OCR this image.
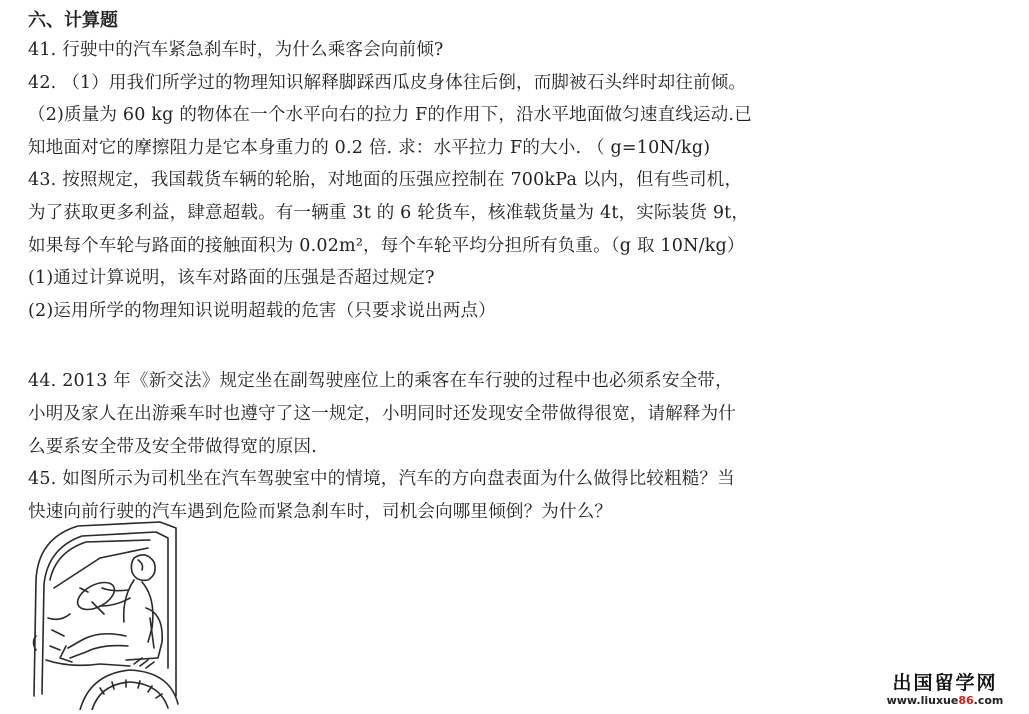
六、计算题
41. 行驶中的汽车紧急刹车时，为什么乘客会向前倾?
42. （1）用我们所学过的物理知识解释脚踩西瓜皮身体往后倒，而脚被石头绊时却往前倾。
（2)质量为 60 kg 的物体在一个水平向右的拉力 F的作用下，沿水平地面做匀速直线运动.已
知地面对它的摩擦阻力是它本身重力的 0.2 倍. 求：水平拉力 F的大小. （ g=10N/kg)
43. 按照规定，我国载货车辆的轮胎，对地面的压强应控制在 700kPa 以内，但有些司机，
为了获取更多利益，肆意超载。有一辆重 3t 的 6 轮货车，核准载货量为 4t，实际装货 9t，
如果每个车轮与路面的接触面积为 0.02m²，每个车轮平均分担所有负重。（g 取 10N/kg）
(1)通过计算说明，该车对路面的压强是否超过规定?
(2)运用所学的物理知识说明超载的危害（只要求说出两点）
44. 2013 年《新交法》规定坐在副驾驶座位上的乘客在车行驶的过程中也必须系安全带，
小明及家人在出游乘车时也遵守了这一规定，小明同时还发现安全带做得很宽，请解释为什
么要系安全带及安全带做得宽的原因.
45. 如图所示为司机坐在汽车驾驶室中的情境，汽车的方向盘表面为什么做得比较粗糙？当
快速向前行驶的汽车遇到危险而紧急刹车时，司机会向哪里倾倒？为什么？
出国留学网
www.liuxue86.com
